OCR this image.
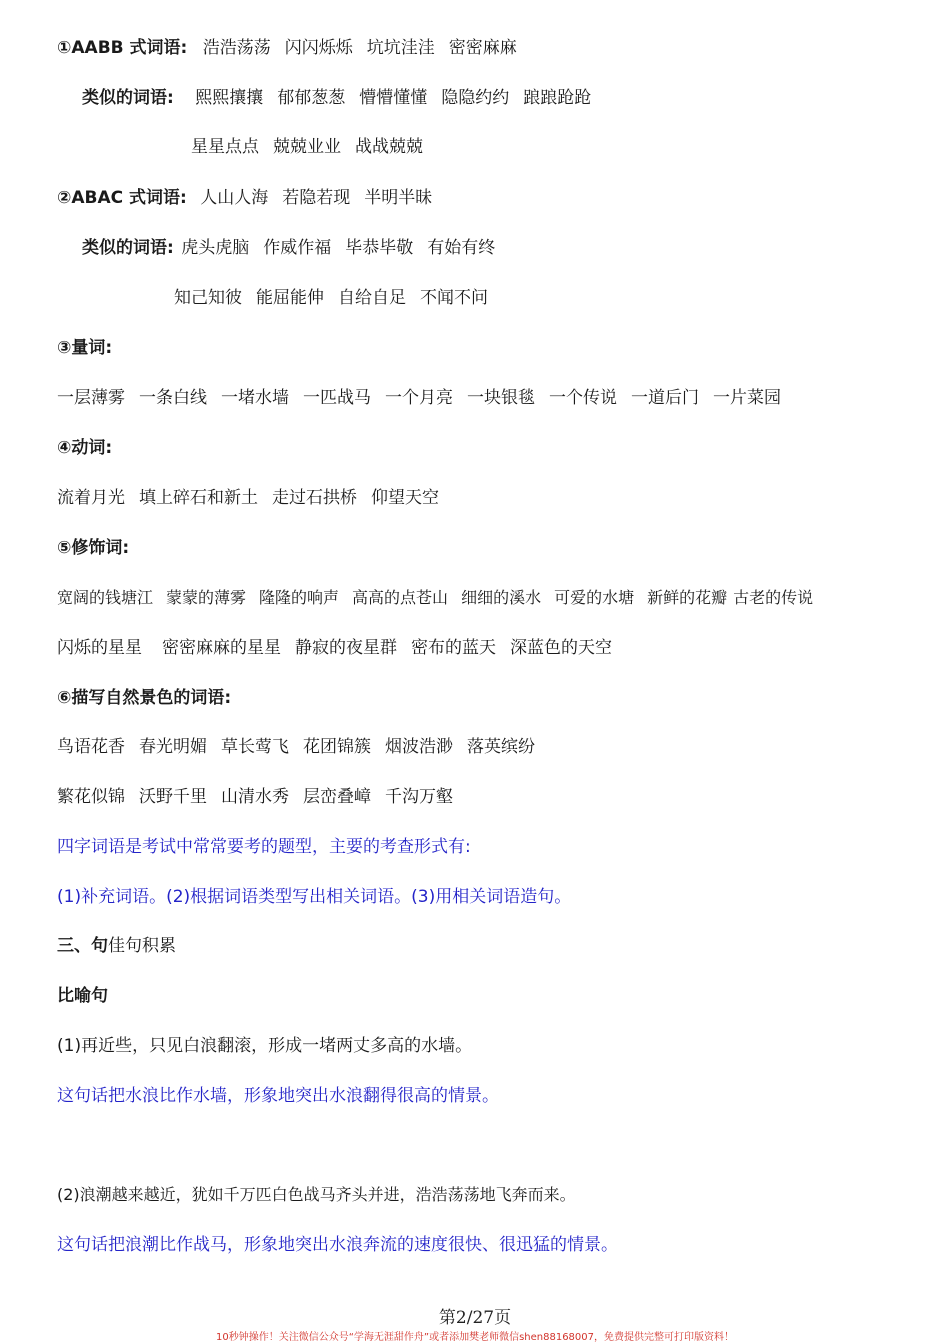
①AABB 式词语: 浩浩荡荡 闪闪烁烁 坑坑洼洼 密密麻麻
类似的词语: 熙熙攘攘 郁郁葱葱 懵懵懂懂 隐隐约约 踉踉跄跄
星星点点 兢兢业业 战战兢兢
②ABAC 式词语: 人山人海 若隐若现 半明半昧
类似的词语: 虎头虎脑 作威作福 毕恭毕敬 有始有终
知己知彼 能屈能伸 自给自足 不闻不问
③量词:
一层薄雾 一条白线 一堵水墙 一匹战马 一个月亮 一块银毯 一个传说 一道后门 一片菜园
④动词:
流着月光 填上碎石和新土 走过石拱桥 仰望天空
⑤修饰词:
宽阔的钱塘江 蒙蒙的薄雾 隆隆的响声 高高的点苍山 细细的溪水 可爱的水塘 新鲜的花瓣 古老的传说
闪烁的星星 密密麻麻的星星 静寂的夜星群 密布的蓝天 深蓝色的天空
⑥描写自然景色的词语:
鸟语花香 春光明媚 草长莺飞 花团锦簇 烟波浩渺 落英缤纷
繁花似锦 沃野千里 山清水秀 层峦叠嶂 千沟万壑
四字词语是考试中常常要考的题型，主要的考查形式有:
(1)补充词语。(2)根据词语类型写出相关词语。(3)用相关词语造句。
三、句佳句积累
比喻句
(1)再近些，只见白浪翻滚，形成一堵两丈多高的水墙。
这句话把水浪比作水墙，形象地突出水浪翻得很高的情景。
(2)浪潮越来越近，犹如千万匹白色战马齐头并进，浩浩荡荡地飞奔而来。
这句话把浪潮比作战马，形象地突出水浪奔流的速度很快、很迅猛的情景。
第2/27页
10秒钟操作！关注微信公众号“学海无涯甜作舟”或者添加樊老师微信shen88168007，免费提供完整可打印版资料！
